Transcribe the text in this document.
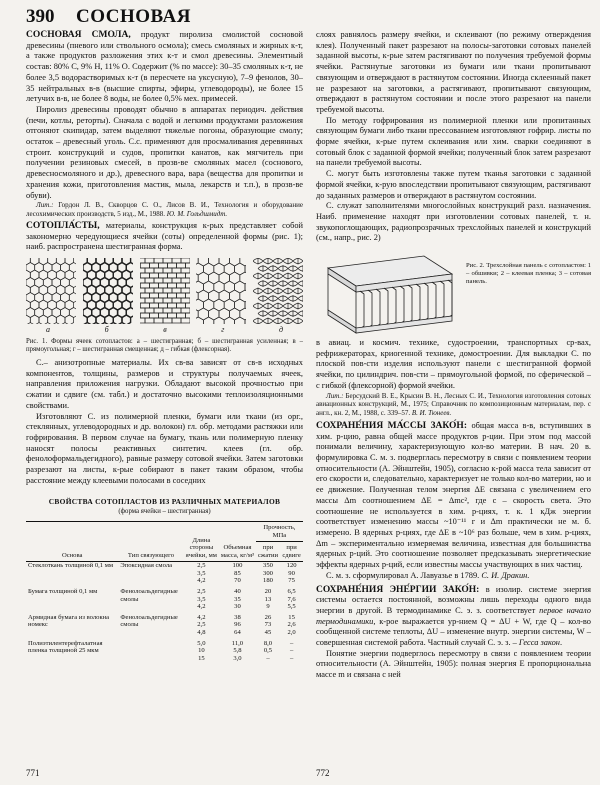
390 СОСНОВАЯ

СОСНО́ВАЯ СМОЛА́, продукт пиролиза смолистой сосновой древесины (пневого или ствольного осмола); смесь смоляных и жирных к-т, а также продуктов разложения этих к-т и смол древесины. Элементный состав: 80% С, 9% Н, 11% О. Содержит (% по массе): 30–35 смоляных к-т, не более 3,5 водорастворимых к-т (в пересчете на уксусную), 7–9 фенолов, 30–35 нейтральных в-в (высшие спирты, эфиры, углеводороды), не более 15 летучих в-в, не более 8 воды, не более 0,5% мех. примесей.

Пиролиз древесины проводят обычно в аппаратах периодич. действия (печи, котлы, реторты). Сначала с водой и легкими продуктами разложения отгоняют скипидар, затем выделяют тяжелые погоны, образующие смолу; остаток – древесный уголь. С.с. применяют для просмаливания деревянных строит. конструкций и судов, пропитки канатов, как мягчитель при получении резиновых смесей, в прозв-ве смоляных масел (соснового, древесносмоляного и др.), древесного вара, вара (вещества для пропитки и хранения кожи, приготовления мастик, мыла, лекарств и т.п.), в прозв-ве обуви).

Лит.: Гордон Л. В., Скворцов С. О., Лисов В. И., Технология и оборудование лесохимических производств, 5 изд., М., 1988. Ю. М. Гольдшмидт.

СОТОПЛА́СТЫ, материалы, конструкция к-рых представляет собой закономерно чередующиеся ячейки (соты) определенной формы (рис. 1); наиб. распространена шестигранная форма.

а	б	в	г	д
Рис. 1. Формы ячеек сотопластов: а – шестигранная; б – шестигранная усиленная; в – прямоугольная; г – шестигранная смещенная; д – гибкая (флексорная).

С.– анизотропные материалы. Их св-ва зависят от св-в исходных компонентов, толщины, размеров и структуры получаемых ячеек, направления приложения нагрузки. Обладают высокой прочностью при сжатии и сдвиге (см. табл.) и достаточно высокими теплоизоляционными свойствами.

Изготовляют С. из полимерной пленки, бумаги или ткани (из орг., стеклянных, углеводородных и др. волокон) гл. обр. методами растяжки или гофрирования. В первом случае на бумагу, ткань или полимерную пленку наносят полосы реактивных синтетич. клеев (гл. обр. фенолоформальдегидного), равные размеру сотовой ячейки. Затем заготовки разрезают на листы, к-рые собирают в пакет таким образом, чтобы расстояние между клеевыми полосами в соседних

СВОЙСТВА СОТОПЛАСТОВ ИЗ РАЗЛИЧНЫХ МАТЕРИАЛОВ
(форма ячейки – шестигранная)
Основа	Тип связующего	Длина стороны ячейки, мм	Объемная масса, кг/м³	Прочность, МПа	
				при сжатии	при сдвиге
Стеклоткань толщиной 0,1 мм	Эпоксидная смола	2,5
3,5
4,2	100
85
70	350
300
180	120
90
75
Бумага толщиной 0,1 мм	Фенолоальдегидные смолы	2,5
3,5
4,2	40
35
30	20
13
9	6,5
7,6
5,5
Армидная бумага из волокна номекс	Фенолоальдегидные смолы	4,2
2,5
4,8	38
96
64	26
73
45	15
2,6
2,0
Полиэтилентерефталатная пленка толщиной 25 мкм		5,0
10
15	11,0
5,8
3,0	8,0
0,5
–	–
–
–

слоях равнялось размеру ячейки, и склеивают (по режиму отверждения клея). Полученный пакет разрезают на полосы-заготовки сотовых панелей заданной высоты, к-рые затем растягивают по получения требуемой формы ячейки. Растянутые заготовки из бумаги или ткани пропитывают связующим и отверждают в растянутом состоянии. Иногда склеенный пакет не разрезают на заготовки, а растягивают, пропитывают связующим, отверждают в растянутом состоянии и после этого разрезают на панели требуемой высоты.

По методу гофрирования из полимерной пленки или пропитанных связующим бумаги либо ткани прессованием изготовляют гофрир. листы по форме ячейки, к-рые путем склеивания или хим. сварки соединяют в сотовый блок с заданной формой ячейки; полученный блок затем разрезают на панели требуемой высоты.

С. могут быть изготовлены также путем тканья заготовки с заданной формой ячейки, к-рую впоследствии пропитывают связующим, растягивают до заданных размеров и отверждают в растянутом состоянии.

С. служат заполнителями многослойных конструкций разл. назначения. Наиб. применение находят при изготовлении сотовых панелей, т. н. звукопоглощающих, радиопрозрачных трехслойных панелей и конструкций (см., напр., рис. 2)

Рис. 2. Трехслойная панель с сотопластом: 1 – обшивки; 2 – клеевая пленка; 3 – сотовая панель.

в авиац. и космич. технике, судостроении, транспортных ср-вах, рефрижераторах, криогенной технике, домостроении. Для выкладки С. по плоской пов-сти изделия используют панели с шестигранной формой ячейки, по цилиндрич. пов-сти – прямоугольной формой, по сферической – с гибкой (флексорной) формой ячейки.

Лит.: Берсудский В. Е., Крысин В. Н., Лесных С. И., Технология изготовления сотовых авиационных конструкций, М., 1975; Справочник по композиционным материалам, пер. с англ., кн. 2, М., 1988, с. 339–57. В. И. Тюнеев.

СОХРАНЕ́НИЯ МА́ССЫ ЗАКО́Н: общая масса в-в, вступивших в хим. р-цию, равна общей массе продуктов р-ции. При этом под массой понимали величину, характеризующую кол-во материи. В нач. 20 в. формулировка С. м. з. подверглась пересмотру в связи с появлением теории относительности (А. Эйнштейн, 1905), согласно к-рой масса тела зависит от его скорости и, следовательно, характеризует не только кол-во материи, но и ее движение. Полученная телом энергия ΔE связана с увеличением его массы Δm соотношением ΔE = Δmc², где c – скорость света. Это соотношение не используется в хим. р-циях, т. к. 1 кДж энергии соответствует изменению массы ~10⁻¹¹ г и Δm практически не м. б. измерено. В ядерных р-циях, где ΔE в ~10⁶ раз больше, чем в хим. р-циях, Δm – экспериментально измеряемая величина, известная для большинства ядерных р-ций. Это соотношение позволяет предсказывать энергетические эффекты ядерных р-ций, если известны массы участвующих в них частиц.

С. м. з. сформулировал А. Лавуазье в 1789. С. И. Дракин.

СОХРАНЕ́НИЯ ЭНЕ́РГИИ ЗАКО́Н: в изолир. системе энергия системы остается постоянной, возможны лишь переходы одного вида энергии в другой. В термодинамике С. э. з. соответствует первое начало термодинамики, к-рое выражается ур-нием Q = ΔU + W, где Q – кол-во сообщенной системе теплоты, ΔU – изменение внутр. энергии системы, W – совершенная системой работа. Частный случай С. э. з. – Гесса закон.

Понятие энергии подверглось пересмотру в связи с появлением теории относительности (А. Эйнштейн, 1905): полная энергия E пропорциональна массе m и связана с ней

771	772
